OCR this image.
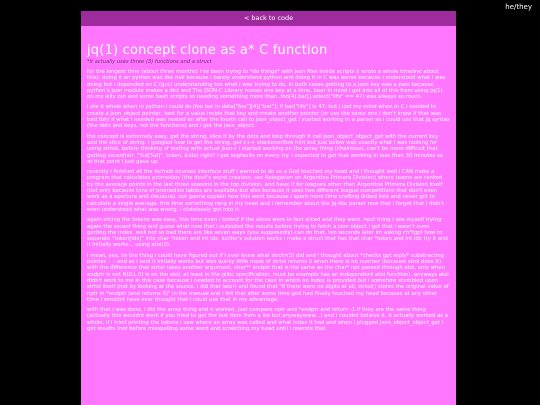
he/they
< back to code
jq(1) concept clone as a* C function
*it actually uses three (3) functions and a struct

for the longest time (about three months) i've been trying to *do things* with json files inside scripts (i wrote a whole timeline about this). doing it on python was like hell because i barely understood python and doing it in C was worse because i understood what i was doing but i depended on C (gcc) understanding too what i was trying to do. in both cases getting to a json key was a pain because python's json module makes a dict and The JSON-C Library moves one key at a time. bear in mind i got into all of this from using jq(1) on my silly zsh and some bash scripts so needing something more than .foo[4].bar[].select("life" == 47) was always so much.

i ate it whole when in python i could do jfoo bar in data["foo"][4]["bar"]: if bar["life"] is 47: but i lost my mind when in C i needed to create a json_object pointer, look for a value inside that key and create another pointer (or use the same one i don't know if that was bad tbh) if what i needed was nested on after the fourth call to json_object_get i started working in a parser so i could use that jq syntax (the dots and keys, not the functions) and i got the json_object.

the concept is extremely easy, get the string, slice it by the dots and loop through it call json_object_object_get with the current key and the slice of string. i googled how to get the string, got c++ stackoverflow hint but just below was exactly what i was looking for using strtok. before thinking of testing with actual json-c i started working on the array thing (chainless), can't be more difficult that getting sscanf(str, "%d[%d]", token, &idx) right? i got segfaults on every try. i expected to get that working in less than 30 minutes so at that point i just gave up.

recently i finished all the fortnob ncurses interface stuff i wanted to do so a God touched my head and i thought well i CAN make a program that calculates promedios (the devil's worst creation, see Relegation on Argentine Primera Division) where teams are ranked by the average points in the last three seasons in the top division, and have it for leagues other than Argentine Primera Division itself (not only because tons of promedios tables are available but also because it uses two different league competitions that don't even work as a apertura and clausura). not gonna explain how this went because i spent more time crafting linked lists and never got to calculate a single average. this time something rang in my head and i remember about the jq-like parser now that i forgot that i didn't even understood what was wrong. i clutelessly got into it.

again slicing the tokens was easy, this time even i tested if the slices were in fact sliced and they were. next thing i see myself trying again the sscanf thing and guess what now that i outputed the results before trying to fetch a json object i got that i wasn't even getting the index. well not so bad there are like seven ways (you supposedly) can do that, ten seconds later im asking ch*tgpt how to separate "token[idx]" into char *token and int idx. lucifer's solution works i make a struct that has that char *token and int idx try it and it initially works... using atoi(3).

i mean, yes, its the thing i could have figured out if i ever knew what strchr(3) did and i thought about *checks gpt reply* substracting pointer. -_- and as i said it initially works but also quirky little mask of strtol returns 0 when there is no number (because strol does it) with the difference that strtol takes another argument, char** endptr that is the same as the char* npt passed through atoi, only when endptr is not NULL (it is on the atoi, at least in the glibc specification, must be example has an independent atoi function). anyways atoi didn't work to me in this case because i needed to account for the case in which no index is provided but i somehow stumbled upon strtol itself (not by looking at the source. i did that later) and found that "if there were no digits at all, strtol() stores the original value of nptr in *endptr (and returns 0)" in the manual and i fell that after some time god had finally touched my head because at any other time i wouldnt have ever thought that i could use that in my advantage.

with that i was done, i did the array thing and it worked, just compare nptr and *endptr and return -1 if they are the same thing (actually this wouldnt work if you tried to get the last item from a list but anywaywww...) and i couldnt believe it. it actually worked as a whole, if i tried printing the tokens i saw where an array was called and what index it had and when i plugged json_object_object_get i got results (not before misspelling some word and scratching my head until i rewrote that
